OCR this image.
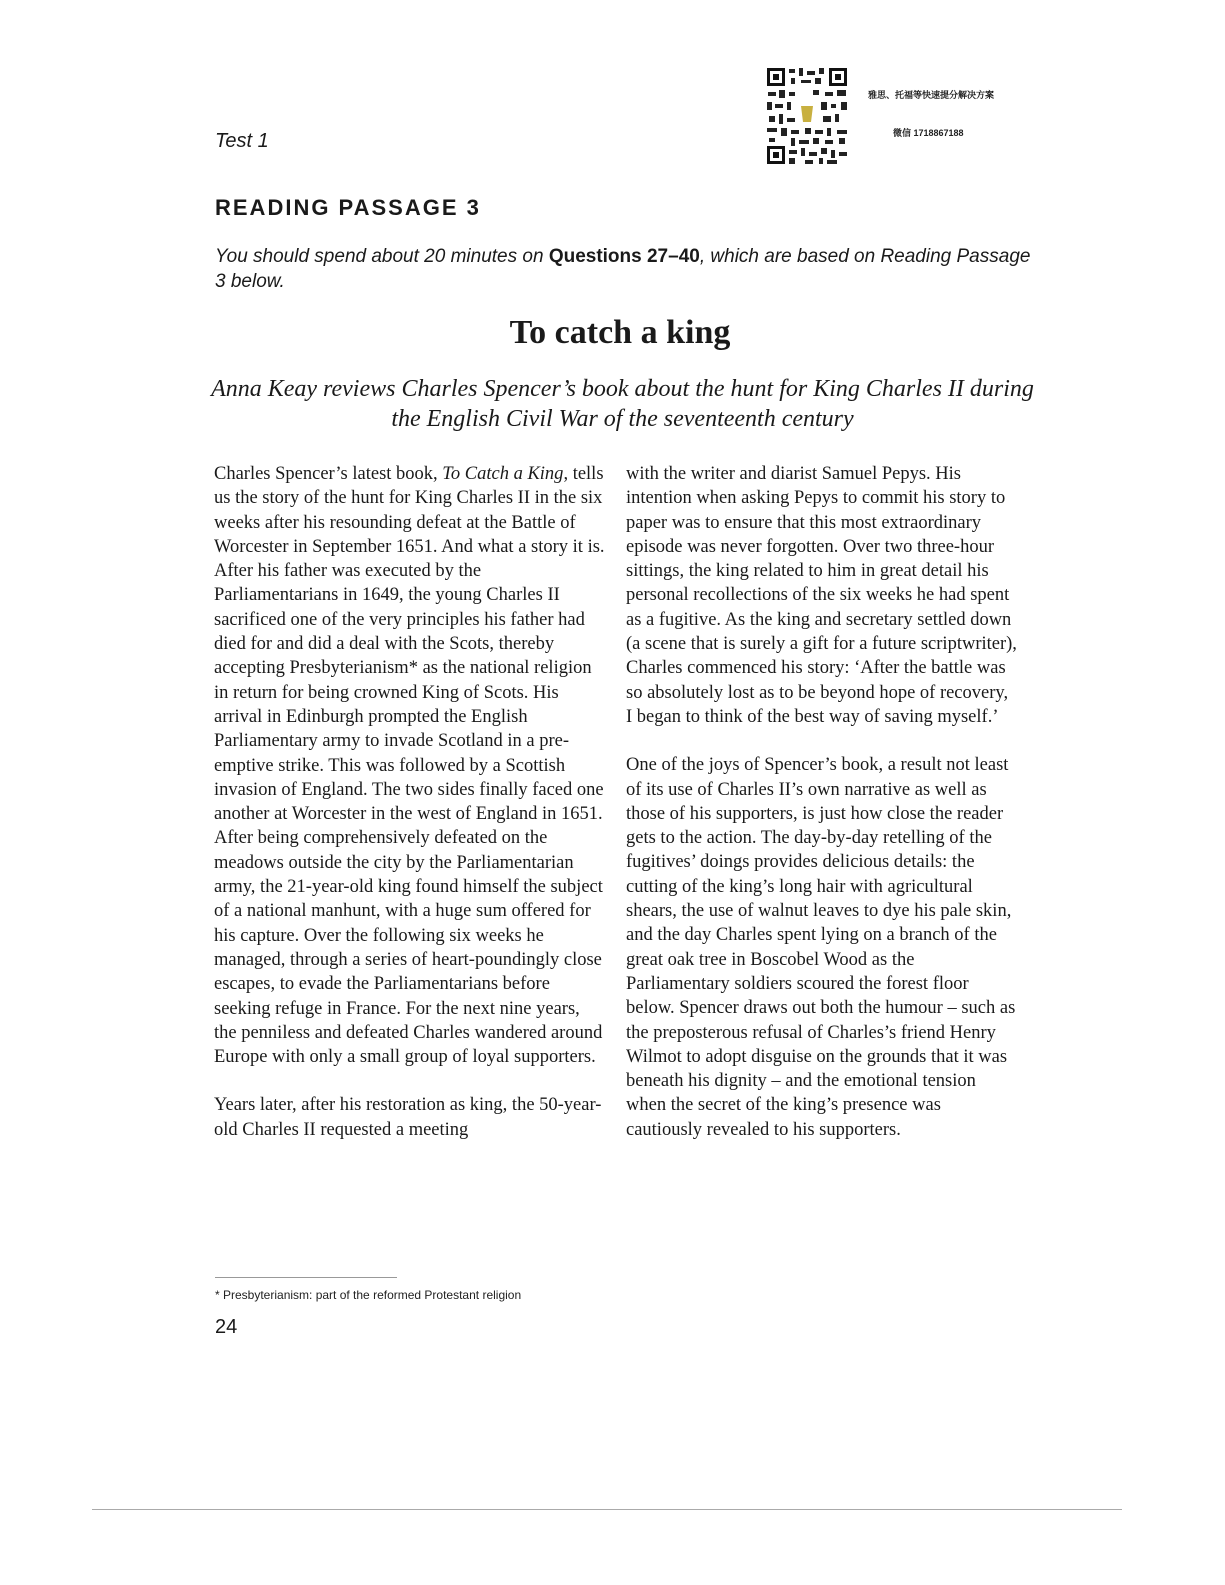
Test 1
雅思、托福等快速提分解决方案
微信 1718867188
READING PASSAGE 3
You should spend about 20 minutes on Questions 27–40, which are based on Reading Passage 3 below.
To catch a king
Anna Keay reviews Charles Spencer’s book about the hunt for King Charles II during the English Civil War of the seventeenth century

Charles Spencer’s latest book, To Catch a King, tells us the story of the hunt for King Charles II in the six weeks after his resounding defeat at the Battle of Worcester in September 1651. And what a story it is. After his father was executed by the Parliamentarians in 1649, the young Charles II sacrificed one of the very principles his father had died for and did a deal with the Scots, thereby accepting Presbyterianism* as the national religion in return for being crowned King of Scots. His arrival in Edinburgh prompted the English Parliamentary army to invade Scotland in a pre-emptive strike. This was followed by a Scottish invasion of England. The two sides finally faced one another at Worcester in the west of England in 1651. After being comprehensively defeated on the meadows outside the city by the Parliamentarian army, the 21-year-old king found himself the subject of a national manhunt, with a huge sum offered for his capture. Over the following six weeks he managed, through a series of heart-poundingly close escapes, to evade the Parliamentarians before seeking refuge in France. For the next nine years, the penniless and defeated Charles wandered around Europe with only a small group of loyal supporters.

Years later, after his restoration as king, the 50-year-old Charles II requested a meeting

with the writer and diarist Samuel Pepys. His intention when asking Pepys to commit his story to paper was to ensure that this most extraordinary episode was never forgotten. Over two three-hour sittings, the king related to him in great detail his personal recollections of the six weeks he had spent as a fugitive. As the king and secretary settled down (a scene that is surely a gift for a future scriptwriter), Charles commenced his story: ‘After the battle was so absolutely lost as to be beyond hope of recovery, I began to think of the best way of saving myself.’

One of the joys of Spencer’s book, a result not least of its use of Charles II’s own narrative as well as those of his supporters, is just how close the reader gets to the action. The day-by-day retelling of the fugitives’ doings provides delicious details: the cutting of the king’s long hair with agricultural shears, the use of walnut leaves to dye his pale skin, and the day Charles spent lying on a branch of the great oak tree in Boscobel Wood as the Parliamentary soldiers scoured the forest floor below. Spencer draws out both the humour – such as the preposterous refusal of Charles’s friend Henry Wilmot to adopt disguise on the grounds that it was beneath his dignity – and the emotional tension when the secret of the king’s presence was cautiously revealed to his supporters.

* Presbyterianism: part of the reformed Protestant religion
24
